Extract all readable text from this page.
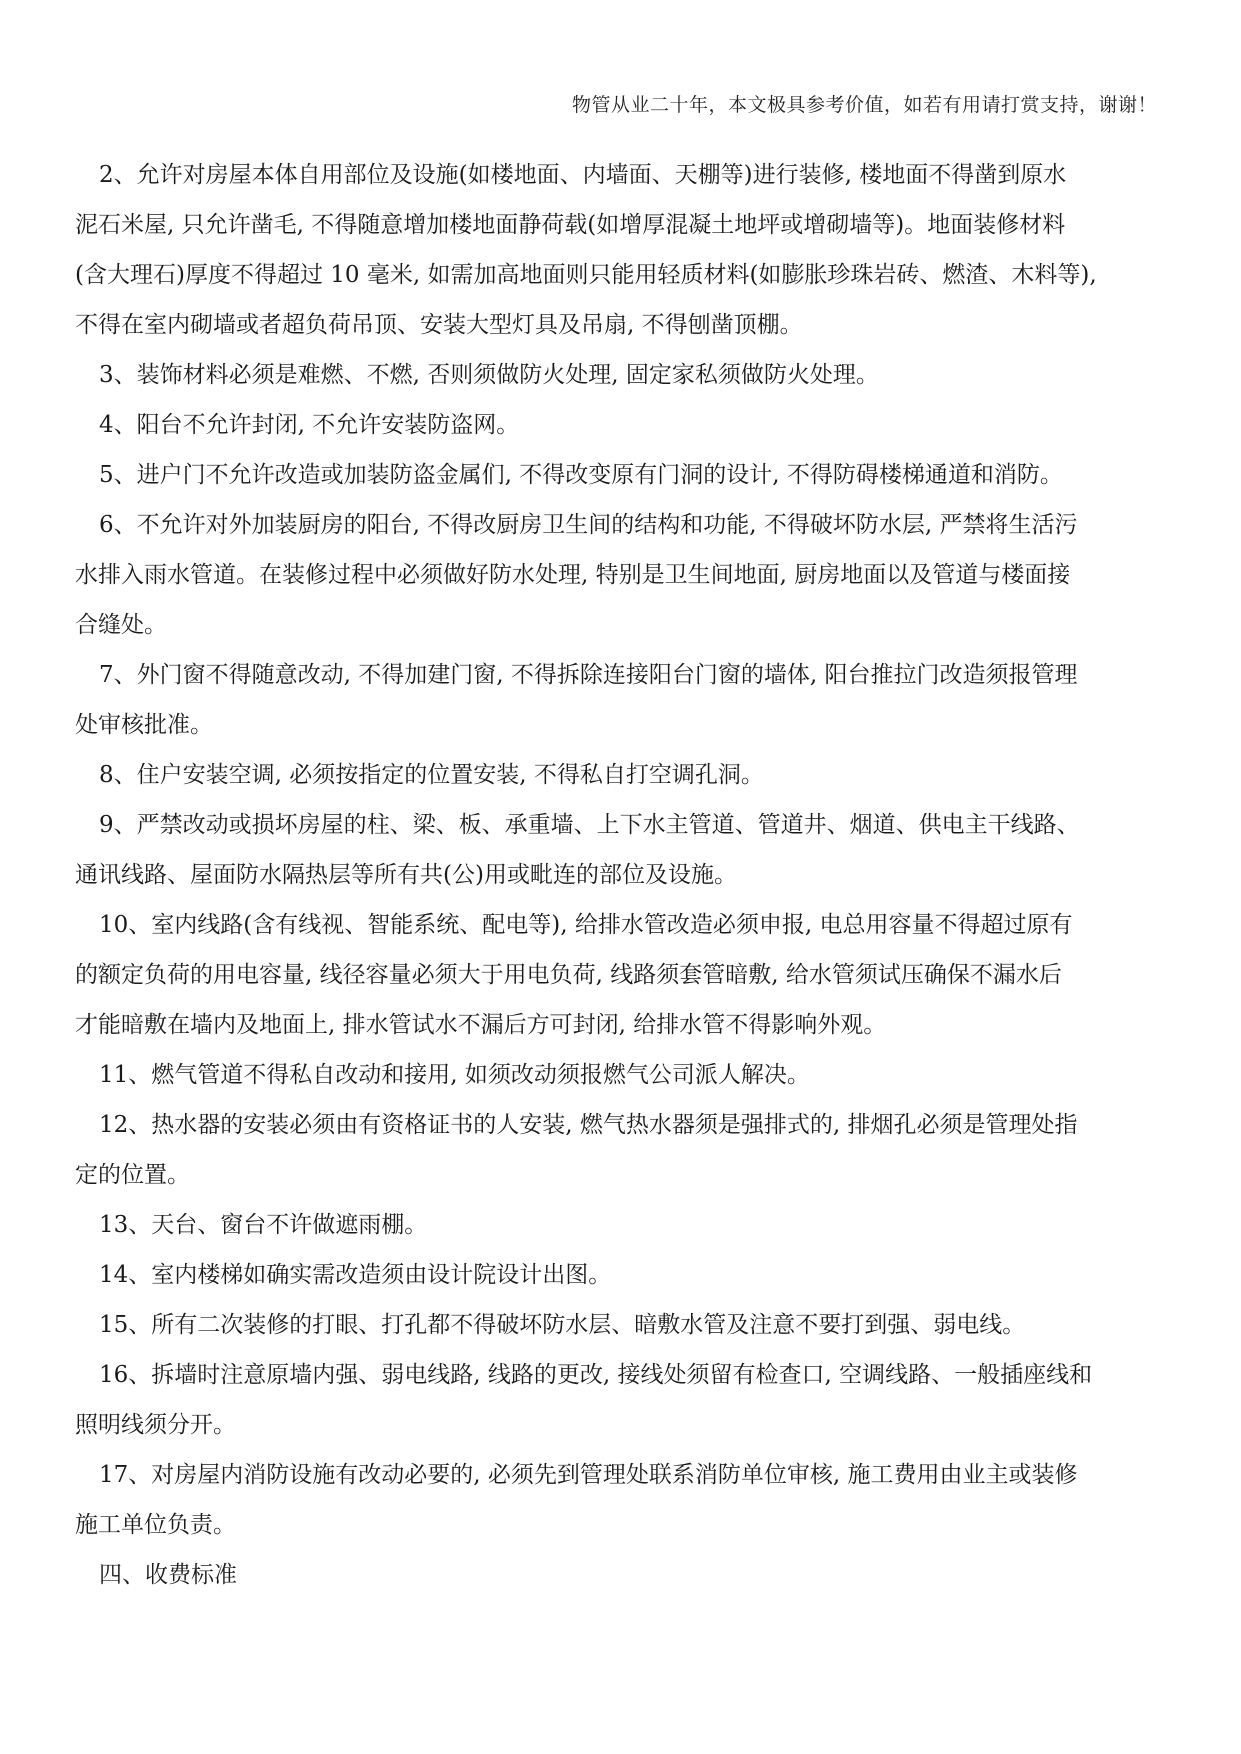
物管从业二十年，本文极具参考价值，如若有用请打赏支持，谢谢！

2、允许对房屋本体自用部位及设施(如楼地面、内墙面、天棚等)进行装修, 楼地面不得凿到原水
泥石米屋, 只允许凿毛, 不得随意增加楼地面静荷载(如增厚混凝土地坪或增砌墙等)。地面装修材料
(含大理石)厚度不得超过 10 毫米, 如需加高地面则只能用轻质材料(如膨胀珍珠岩砖、燃渣、木料等),
不得在室内砌墙或者超负荷吊顶、安装大型灯具及吊扇, 不得刨凿顶棚。

3、装饰材料必须是难燃、不燃, 否则须做防火处理, 固定家私须做防火处理。

4、阳台不允许封闭, 不允许安装防盗网。

5、进户门不允许改造或加装防盗金属们, 不得改变原有门洞的设计, 不得防碍楼梯通道和消防。

6、不允许对外加装厨房的阳台, 不得改厨房卫生间的结构和功能, 不得破坏防水层, 严禁将生活污
水排入雨水管道。在装修过程中必须做好防水处理, 特别是卫生间地面, 厨房地面以及管道与楼面接
合缝处。

7、外门窗不得随意改动, 不得加建门窗, 不得拆除连接阳台门窗的墙体, 阳台推拉门改造须报管理
处审核批准。

8、住户安装空调, 必须按指定的位置安装, 不得私自打空调孔洞。

9、严禁改动或损坏房屋的柱、梁、板、承重墙、上下水主管道、管道井、烟道、供电主干线路、
通讯线路、屋面防水隔热层等所有共(公)用或毗连的部位及设施。

10、室内线路(含有线视、智能系统、配电等), 给排水管改造必须申报, 电总用容量不得超过原有
的额定负荷的用电容量, 线径容量必须大于用电负荷, 线路须套管暗敷, 给水管须试压确保不漏水后
才能暗敷在墙内及地面上, 排水管试水不漏后方可封闭, 给排水管不得影响外观。

11、燃气管道不得私自改动和接用, 如须改动须报燃气公司派人解决。

12、热水器的安装必须由有资格证书的人安装, 燃气热水器须是强排式的, 排烟孔必须是管理处指
定的位置。

13、天台、窗台不许做遮雨棚。

14、室内楼梯如确实需改造须由设计院设计出图。

15、所有二次装修的打眼、打孔都不得破坏防水层、暗敷水管及注意不要打到强、弱电线。

16、拆墙时注意原墙内强、弱电线路, 线路的更改, 接线处须留有检查口, 空调线路、一般插座线和
照明线须分开。

17、对房屋内消防设施有改动必要的, 必须先到管理处联系消防单位审核, 施工费用由业主或装修
施工单位负责。

四、收费标准
